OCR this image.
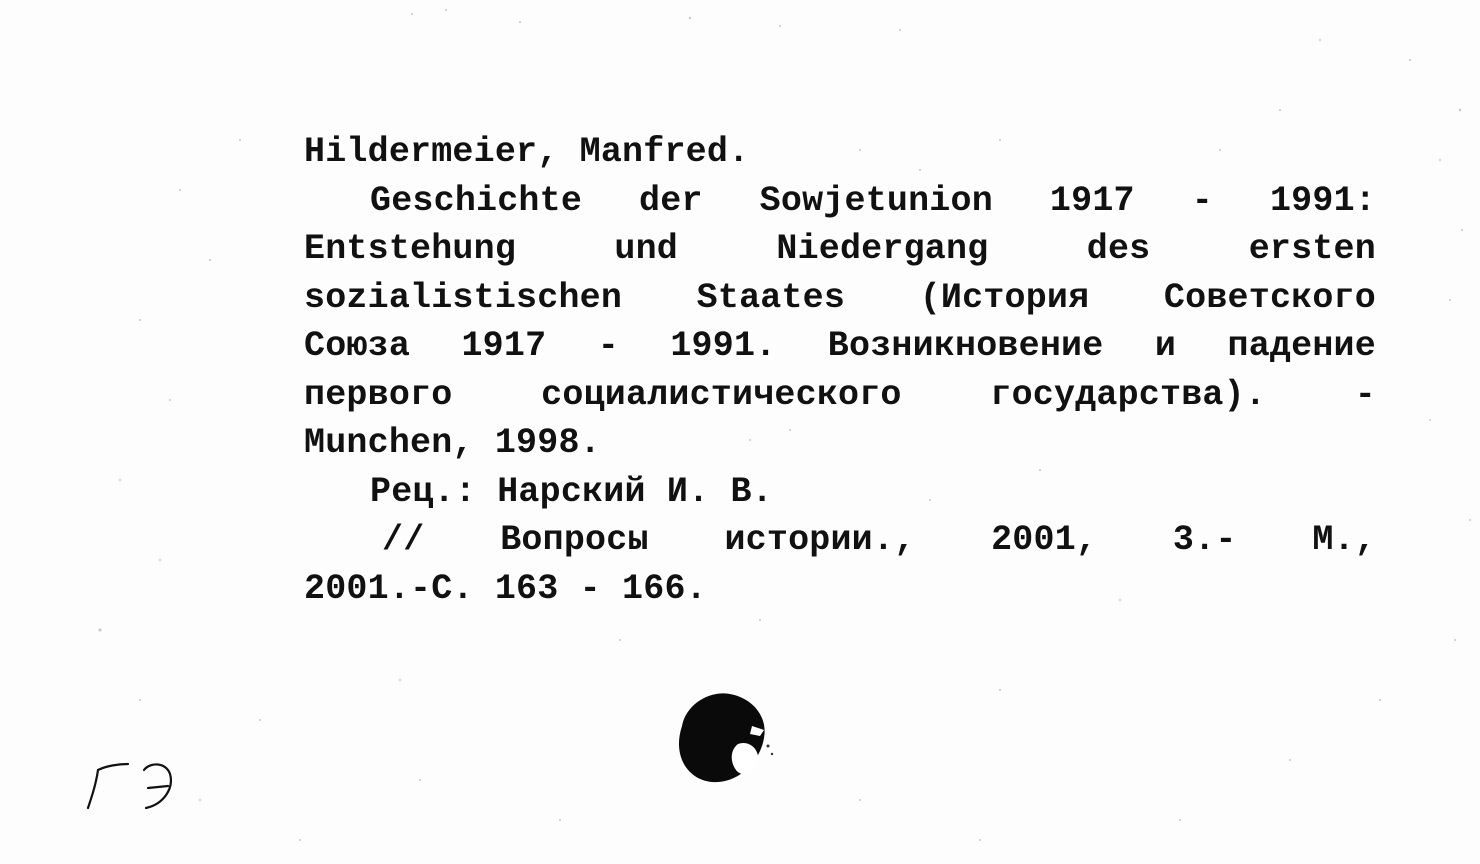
Hildermeier, Manfred.
Geschichte der Sowjetunion 1917 - 1991:
Entstehung	und	Niedergang	des	ersten
sozialistischen Staates (История Советского
Союза 1917 - 1991. Возникновение и падение
первого	социалистического	государства).	-
Munchen, 1998.
Рец.: Нарский И. В.
// Вопросы истории., 2001, 3.- М.,
2001.-С. 163 - 166.
